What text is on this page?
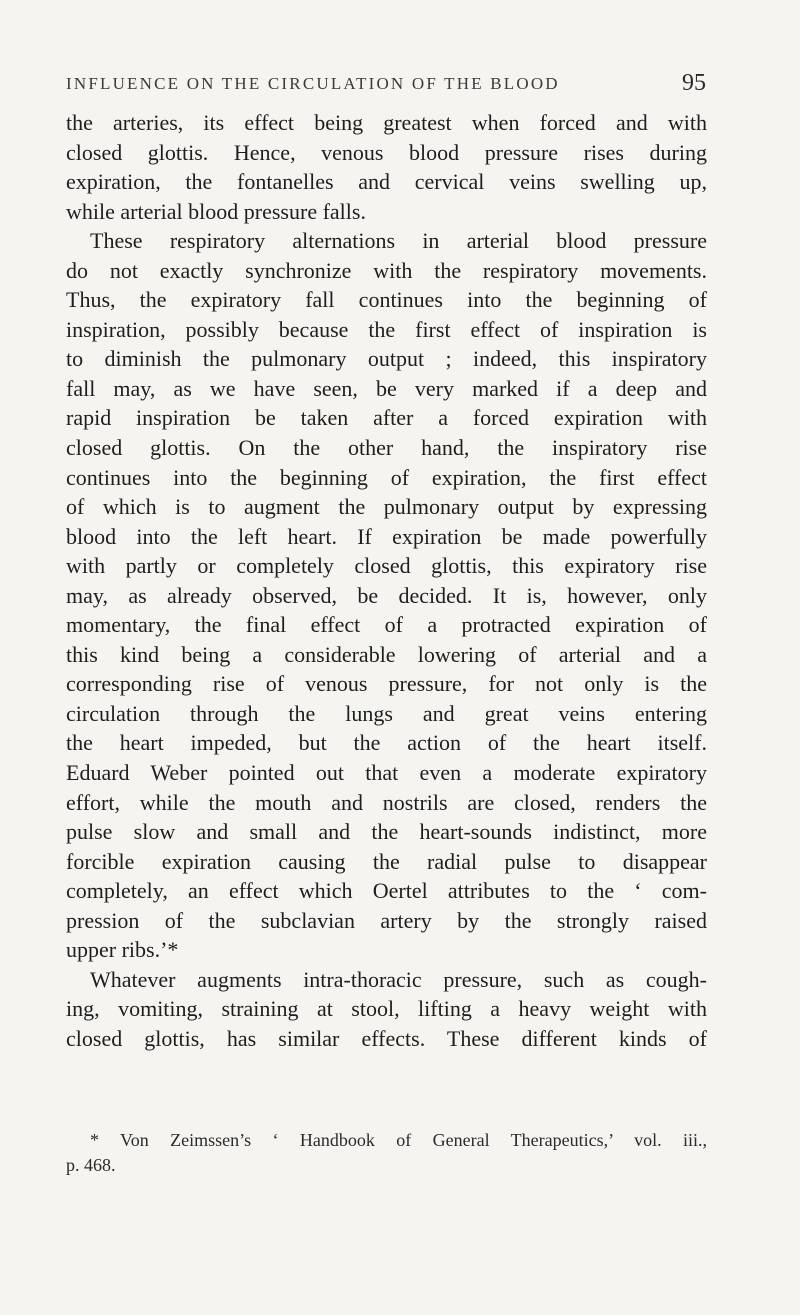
INFLUENCE ON THE CIRCULATION OF THE BLOOD	95
the arteries, its effect being greatest when forced and with
closed glottis. Hence, venous blood pressure rises during
expiration, the fontanelles and cervical veins swelling up,
while arterial blood pressure falls.
These respiratory alternations in arterial blood pressure
do not exactly synchronize with the respiratory movements.
Thus, the expiratory fall continues into the beginning of
inspiration, possibly because the first effect of inspiration is
to diminish the pulmonary output ; indeed, this inspiratory
fall may, as we have seen, be very marked if a deep and
rapid inspiration be taken after a forced expiration with
closed glottis. On the other hand, the inspiratory rise
continues into the beginning of expiration, the first effect
of which is to augment the pulmonary output by expressing
blood into the left heart. If expiration be made powerfully
with partly or completely closed glottis, this expiratory rise
may, as already observed, be decided. It is, however, only
momentary, the final effect of a protracted expiration of
this kind being a considerable lowering of arterial and a
corresponding rise of venous pressure, for not only is the
circulation through the lungs and great veins entering
the heart impeded, but the action of the heart itself.
Eduard Weber pointed out that even a moderate expiratory
effort, while the mouth and nostrils are closed, renders the
pulse slow and small and the heart-sounds indistinct, more
forcible expiration causing the radial pulse to disappear
completely, an effect which Oertel attributes to the ‘ com-
pression of the subclavian artery by the strongly raised
upper ribs.’*
Whatever augments intra-thoracic pressure, such as cough-
ing, vomiting, straining at stool, lifting a heavy weight with
closed glottis, has similar effects. These different kinds of
* Von Zeimssen’s ‘ Handbook of General Therapeutics,’ vol. iii.,
p. 468.
